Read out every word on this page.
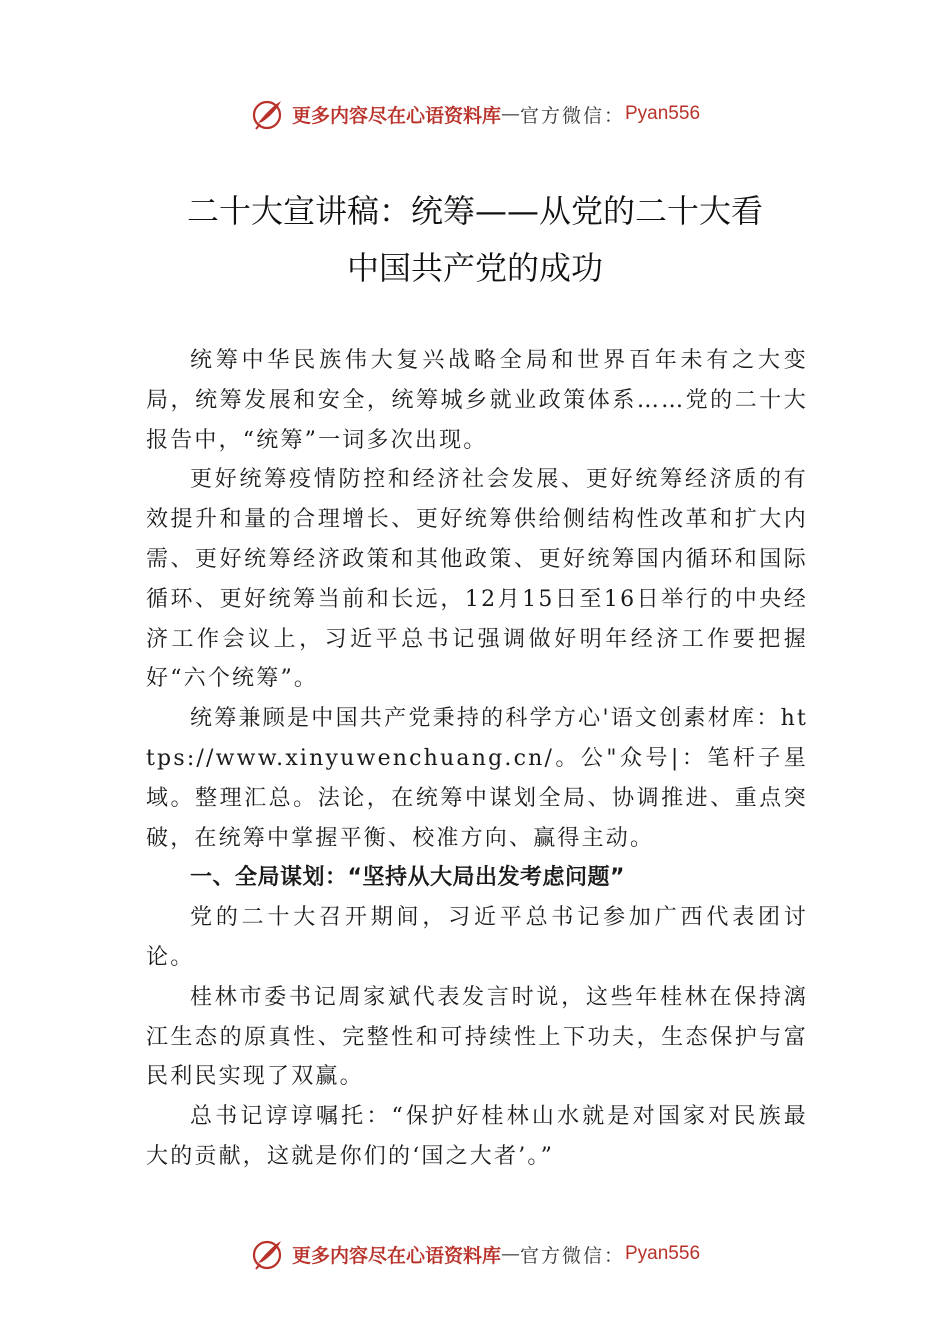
更多内容尽在心语资料库 — 官方微信： Pyan556
二十大宣讲稿：统筹——从党的二十大看
中国共产党的成功

统筹中华民族伟大复兴战略全局和世界百年未有之大变局，统筹发展和安全，统筹城乡就业政策体系……党的二十大报告中，“统筹”一词多次出现。

更好统筹疫情防控和经济社会发展、更好统筹经济质的有效提升和量的合理增长、更好统筹供给侧结构性改革和扩大内需、更好统筹经济政策和其他政策、更好统筹国内循环和国际循环、更好统筹当前和长远，12月15日至16日举行的中央经济工作会议上，习近平总书记强调做好明年经济工作要把握好“六个统筹”。

统筹兼顾是中国共产党秉持的科学方心'语文创素材库：https://www.xinyuwenchuang.cn/。公"众号|：笔杆子星域。整理汇总。法论，在统筹中谋划全局、协调推进、重点突破，在统筹中掌握平衡、校准方向、赢得主动。

一、全局谋划：“坚持从大局出发考虑问题”

党的二十大召开期间，习近平总书记参加广西代表团讨论。

桂林市委书记周家斌代表发言时说，这些年桂林在保持漓江生态的原真性、完整性和可持续性上下功夫，生态保护与富民利民实现了双赢。

总书记谆谆嘱托：“保护好桂林山水就是对国家对民族最大的贡献，这就是你们的‘国之大者’。”

更多内容尽在心语资料库 — 官方微信： Pyan556
